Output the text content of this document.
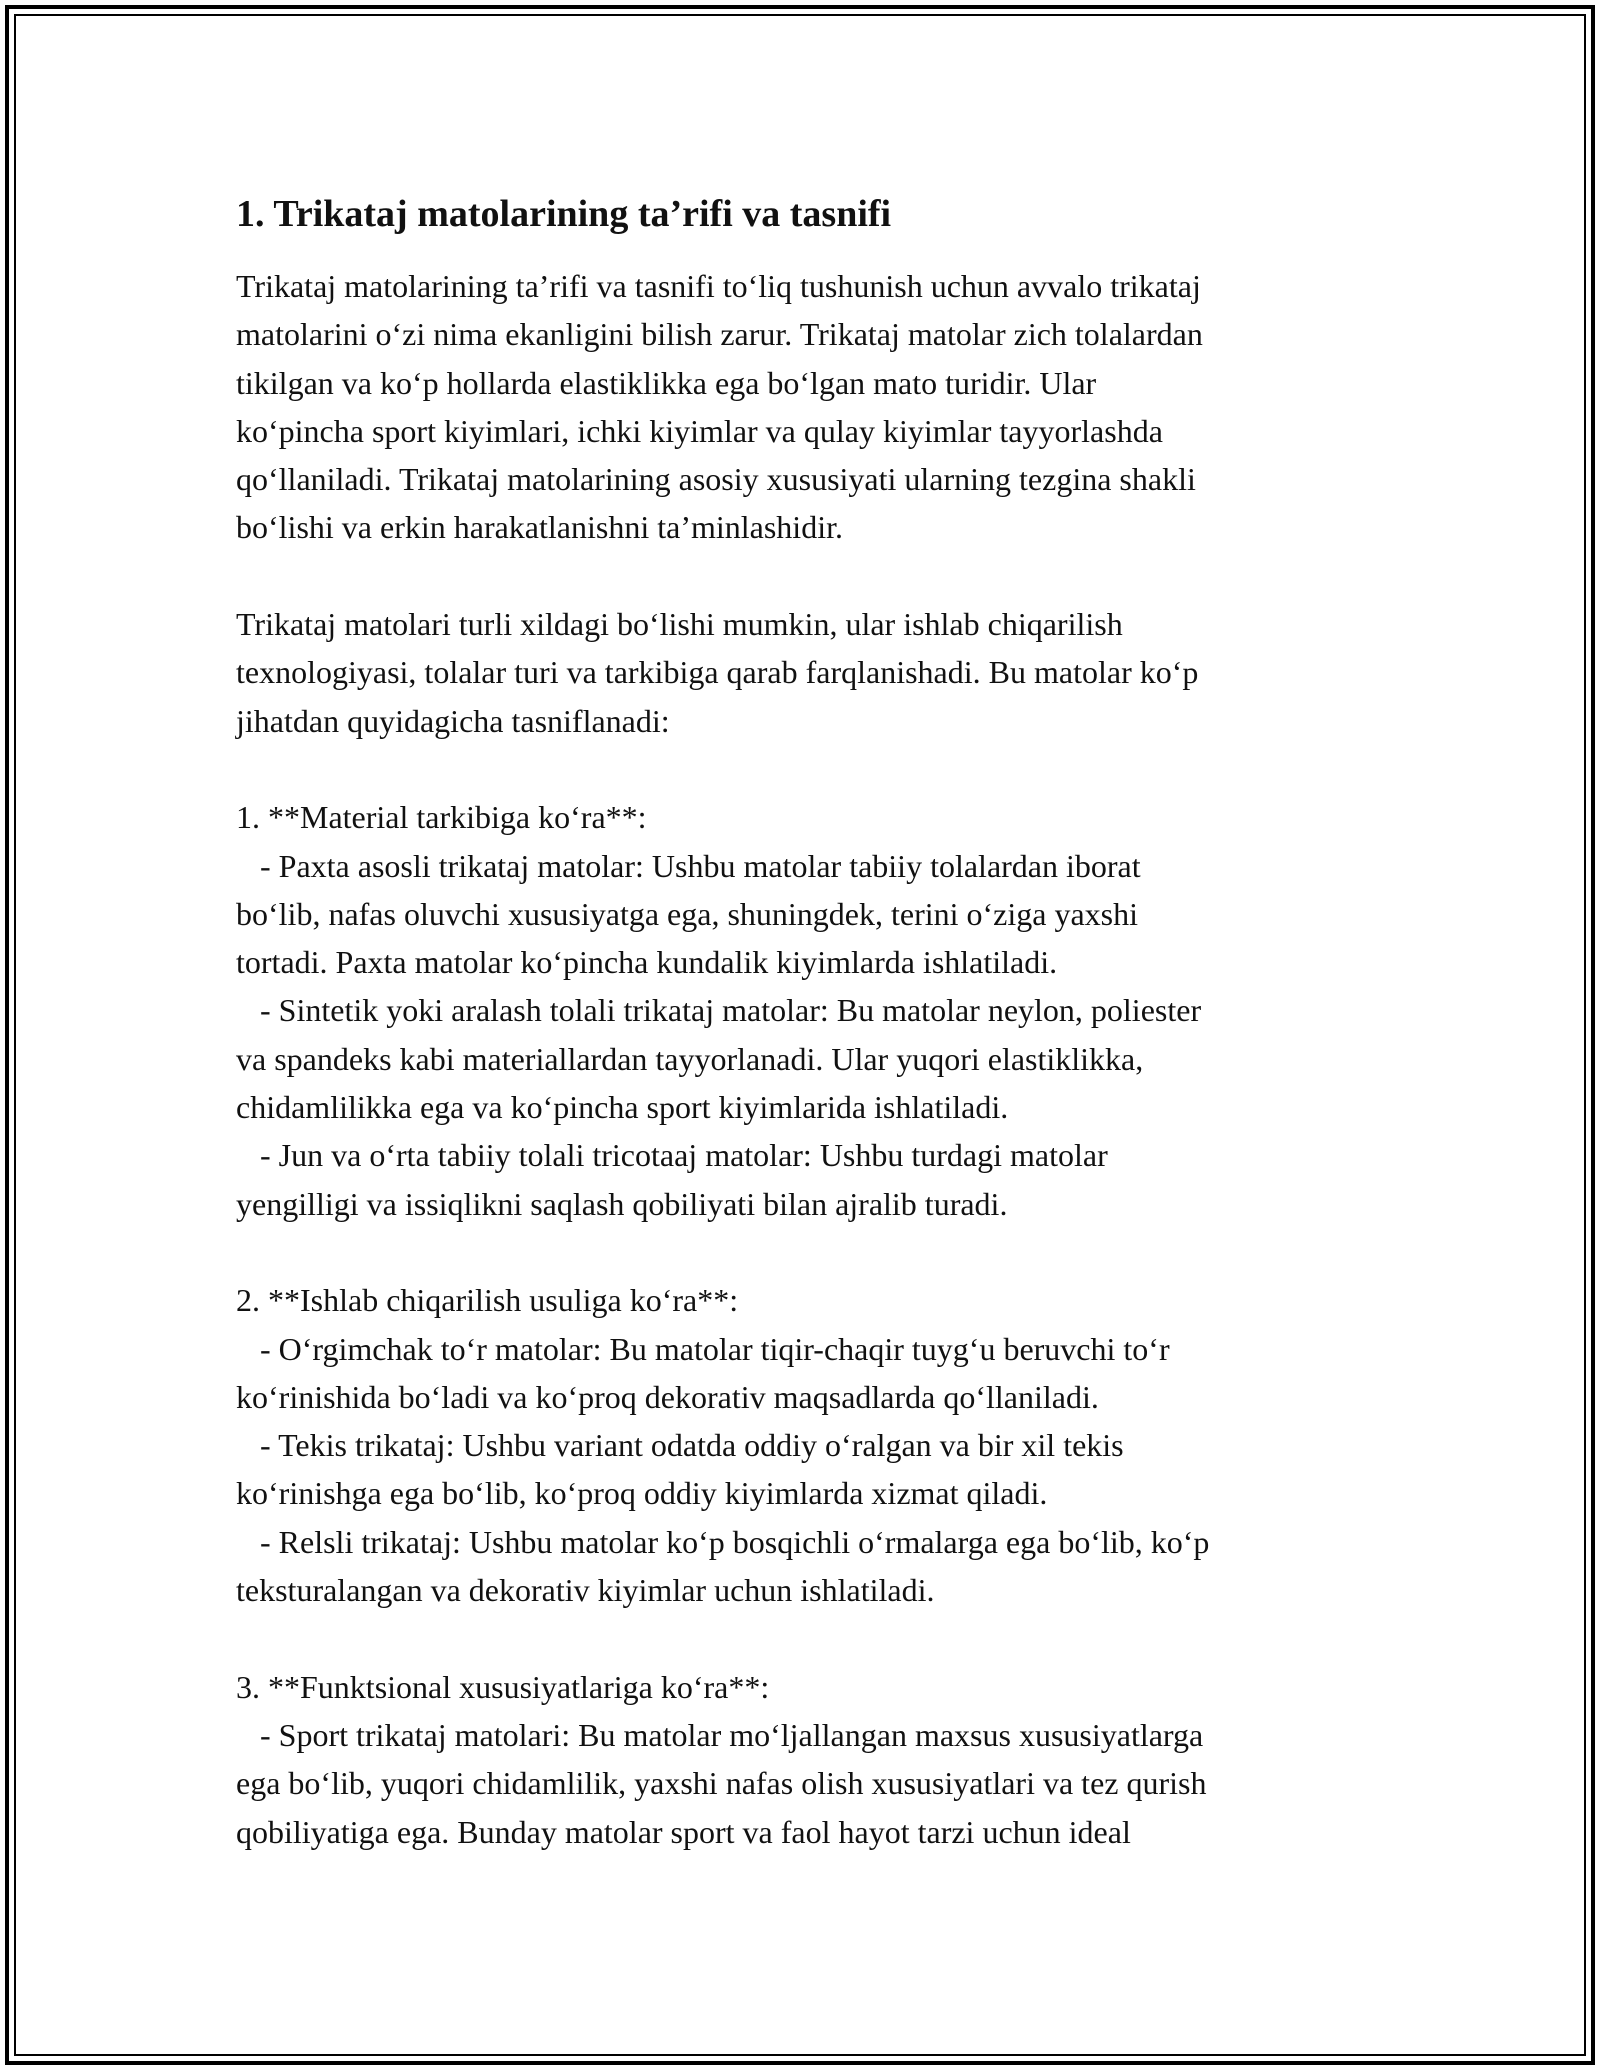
1. Trikataj matolarining ta’rifi va tasnifi
Trikataj matolarining ta’rifi va tasnifi to‘liq tushunish uchun avvalo trikataj
matolarini o‘zi nima ekanligini bilish zarur. Trikataj matolar zich tolalardan
tikilgan va ko‘p hollarda elastiklikka ega bo‘lgan mato turidir. Ular
ko‘pincha sport kiyimlari, ichki kiyimlar va qulay kiyimlar tayyorlashda
qo‘llaniladi. Trikataj matolarining asosiy xususiyati ularning tezgina shakli
bo‘lishi va erkin harakatlanishni ta’minlashidir.
Trikataj matolari turli xildagi bo‘lishi mumkin, ular ishlab chiqarilish
texnologiyasi, tolalar turi va tarkibiga qarab farqlanishadi. Bu matolar ko‘p
jihatdan quyidagicha tasniflanadi:
1. **Material tarkibiga ko‘ra**:
- Paxta asosli trikataj matolar: Ushbu matolar tabiiy tolalardan iborat
bo‘lib, nafas oluvchi xususiyatga ega, shuningdek, terini o‘ziga yaxshi
tortadi. Paxta matolar ko‘pincha kundalik kiyimlarda ishlatiladi.
- Sintetik yoki aralash tolali trikataj matolar: Bu matolar neylon, poliester
va spandeks kabi materiallardan tayyorlanadi. Ular yuqori elastiklikka,
chidamlilikka ega va ko‘pincha sport kiyimlarida ishlatiladi.
- Jun va o‘rta tabiiy tolali tricotaaj matolar: Ushbu turdagi matolar
yengilligi va issiqlikni saqlash qobiliyati bilan ajralib turadi.
2. **Ishlab chiqarilish usuliga ko‘ra**:
- O‘rgimchak to‘r matolar: Bu matolar tiqir-chaqir tuyg‘u beruvchi to‘r
ko‘rinishida bo‘ladi va ko‘proq dekorativ maqsadlarda qo‘llaniladi.
- Tekis trikataj: Ushbu variant odatda oddiy o‘ralgan va bir xil tekis
ko‘rinishga ega bo‘lib, ko‘proq oddiy kiyimlarda xizmat qiladi.
- Relsli trikataj: Ushbu matolar ko‘p bosqichli o‘rmalarga ega bo‘lib, ko‘p
teksturalangan va dekorativ kiyimlar uchun ishlatiladi.
3. **Funktsional xususiyatlariga ko‘ra**:
- Sport trikataj matolari: Bu matolar mo‘ljallangan maxsus xususiyatlarga
ega bo‘lib, yuqori chidamlilik, yaxshi nafas olish xususiyatlari va tez qurish
qobiliyatiga ega. Bunday matolar sport va faol hayot tarzi uchun ideal
